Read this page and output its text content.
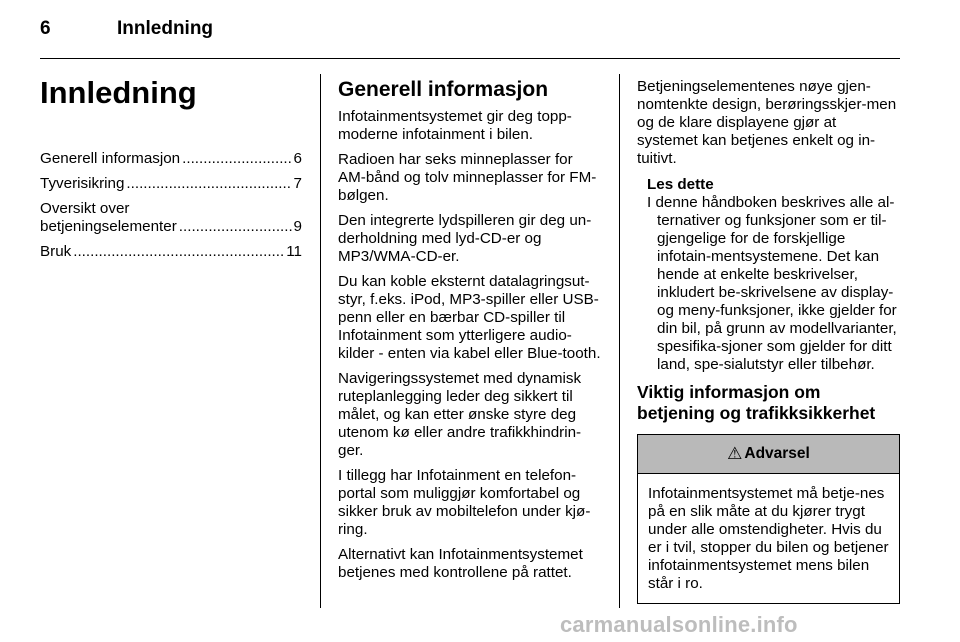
6	Innledning
Innledning
Generell informasjon .....	6
Tyverisikring .....	7
Oversikt over
betjeningselementer .....	9
Bruk .....	11
Generell informasjon

Infotainmentsystemet gir deg topp-moderne infotainment i bilen.

Radioen har seks minneplasser for AM-bånd og tolv minneplasser for FM-bølgen.

Den integrerte lydspilleren gir deg un-derholdning med lyd-CD-er og MP3/WMA-CD-er.

Du kan koble eksternt datalagringsut-styr, f.eks. iPod, MP3-spiller eller USB-penn eller en bærbar CD-spiller til Infotainment som ytterligere audio-kilder - enten via kabel eller Blue-tooth.

Navigeringssystemet med dynamisk ruteplanlegging leder deg sikkert til målet, og kan etter ønske styre deg utenom kø eller andre trafikkhindrin-ger.

I tillegg har Infotainment en telefon-portal som muliggjør komfortabel og sikker bruk av mobiltelefon under kjø-ring.

Alternativt kan Infotainmentsystemet betjenes med kontrollene på rattet.

Betjeningselementenes nøye gjen-nomtenkte design, berøringsskjer-men og de klare displayene gjør at systemet kan betjenes enkelt og in-tuitivt.

Les dette
I denne håndboken beskrives alle al-ternativer og funksjoner som er til-gjengelige for de forskjellige infotain-mentsystemene. Det kan hende at enkelte beskrivelser, inkludert be-skrivelsene av display- og meny-funksjoner, ikke gjelder for din bil, på grunn av modellvarianter, spesifika-sjoner som gjelder for ditt land, spe-sialutstyr eller tilbehør.
Viktig informasjon om betjening og trafikksikkerhet
⚠ Advarsel
Infotainmentsystemet må betje-nes på en slik måte at du kjører trygt under alle omstendigheter. Hvis du er i tvil, stopper du bilen og betjener infotainmentsystemet mens bilen står i ro.
carmanualsonline.info
